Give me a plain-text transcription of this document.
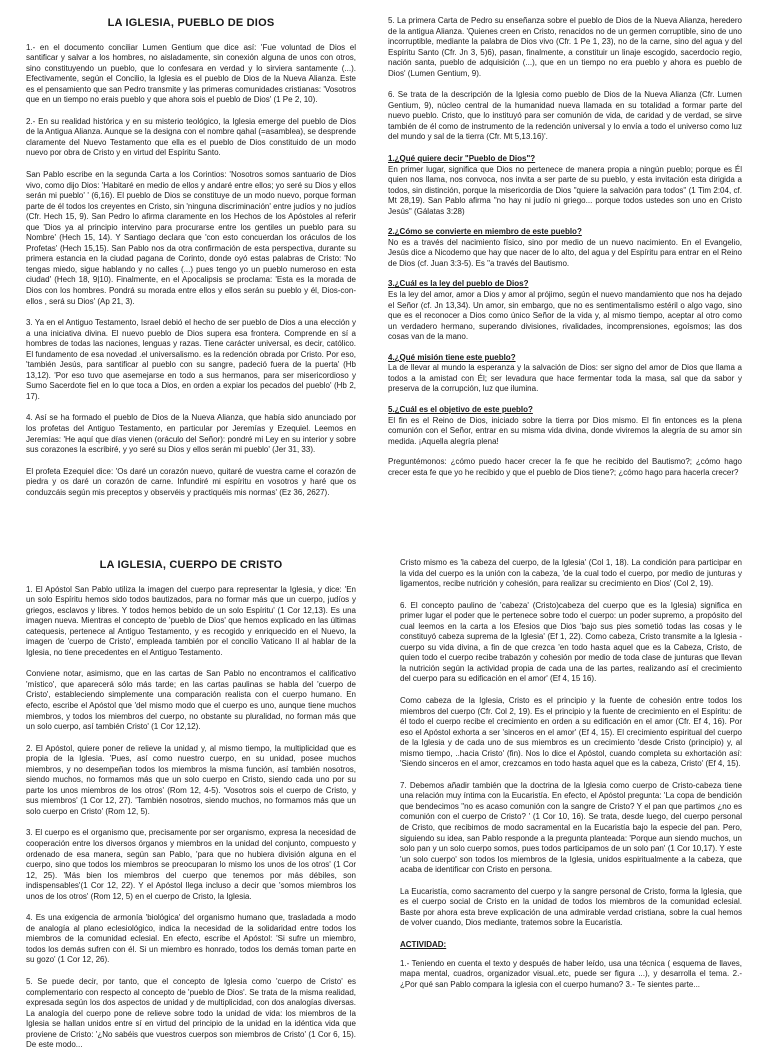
LA IGLESIA, PUEBLO DE DIOS

1.- en el documento conciliar Lumen Gentium que dice así: 'Fue voluntad de Dios el santificar y salvar a los hombres, no aisladamente, sin conexión alguna de unos con otros, sino constituyendo un pueblo, que lo confesara en verdad y lo sirviera santamente (...). Efectivamente, según el Concilio, la Iglesia es el pueblo de Dios de la Nueva Alianza. Este es el pensamiento que san Pedro transmite y las primeras comunidades cristianas: 'Vosotros que en un tiempo no erais pueblo y que ahora sois el pueblo de Dios' (1 Pe 2, 10).

2.- En su realidad histórica y en su misterio teológico, la Iglesia emerge del pueblo de Dios de la Antigua Alianza. Aunque se la designa con el nombre qahal (=asamblea), se desprende claramente del Nuevo Testamento que ella es el pueblo de Dios constituido de un modo nuevo por obra de Cristo y en virtud del Espíritu Santo.

San Pablo escribe en la segunda Carta a los Corintios: 'Nosotros somos santuario de Dios vivo, como dijo Dios: 'Habitaré en medio de ellos y andaré entre ellos; yo seré su Dios y ellos serán mi pueblo' ' (6,16). El pueblo de Dios se constituye de un modo nuevo, porque forman parte de él todos los creyentes en Cristo, sin 'ninguna discriminación' entre judíos y no judíos (Cfr. Hech 15, 9). San Pedro lo afirma claramente en los Hechos de los Apóstoles al referir que 'Dios ya al principio intervino para procurarse entre los gentiles un pueblo para su Nombre' (Hech 15, 14). Y Santiago declara que 'con esto concuerdan los oráculos de los Profetas' (Hech 15,15). San Pablo nos da otra confirmación de esta perspectiva, durante su primera estancia en la ciudad pagana de Corinto, donde oyó estas palabras de Cristo: 'No tengas miedo, sigue hablando y no calles (...) pues tengo yo un pueblo numeroso en esta ciudad' (Hech 18, 9|10). Finalmente, en el Apocalipsis se proclama: 'Esta es la morada de Dios con los hombres. Pondrá su morada entre ellos y ellos serán su pueblo y él, Dios-con-ellos , será su Dios' (Ap 21, 3).

3. Ya en el Antiguo Testamento, Israel debió el hecho de ser pueblo de Dios a una elección y a una iniciativa divina. El nuevo pueblo de Dios supera esa frontera. Comprende en sí a hombres de todas las naciones, lenguas y razas. Tiene carácter universal, es decir, católico. El fundamento de esa novedad .el universalismo. es la redención obrada por Cristo. Por eso, 'también Jesús, para santificar al pueblo con su sangre, padeció fuera de la puerta' (Hb 13,12). 'Por eso tuvo que asemejarse en todo a sus hermanos, para ser misericordioso y Sumo Sacerdote fiel en lo que toca a Dios, en orden a expiar los pecados del pueblo' (Hb 2, 17).

4. Así se ha formado el pueblo de Dios de la Nueva Alianza, que había sido anunciado por los profetas del Antiguo Testamento, en particular por Jeremías y Ezequiel. Leemos en Jeremías: 'He aquí que días vienen (oráculo del Señor): pondré mi Ley en su interior y sobre sus corazones la escribiré, y yo seré su Dios y ellos serán mi pueblo' (Jer 31, 33).

El profeta Ezequiel dice: 'Os daré un corazón nuevo, quitaré de vuestra carne el corazón de piedra y os daré un corazón de carne. Infundiré mi espíritu en vosotros y haré que os conduzcáis según mis preceptos y observéis y practiquéis mis normas' (Ez 36, 2627).

5. La primera Carta de Pedro su enseñanza sobre el pueblo de Dios de la Nueva Alianza, heredero de la antigua Alianza. 'Quienes creen en Cristo, renacidos no de un germen corruptible, sino de uno incorruptible, mediante la palabra de Dios vivo (Cfr. 1 Pe 1, 23), no de la carne, sino del agua y del Espíritu Santo (Cfr. Jn 3, 5)6), pasan, finalmente, a constituir un linaje escogido, sacerdocio regio, nación santa, pueblo de adquisición (...), que en un tiempo no era pueblo y ahora es pueblo de Dios' (Lumen Gentium, 9).

6. Se trata de la descripción de la Iglesia como pueblo de Dios de la Nueva Alianza (Cfr. Lumen Gentium, 9), núcleo central de la humanidad nueva llamada en su totalidad a formar parte del nuevo pueblo. Cristo, que lo instituyó para ser comunión de vida, de caridad y de verdad, se sirve también de él como de instrumento de la redención universal y lo envía a todo el universo como luz del mundo y sal de la tierra (Cfr. Mt 5,13.16)'.

1.¿Qué quiere decir "Pueblo de Dios"?

En primer lugar, significa que Dios no pertenece de manera propia a ningún pueblo; porque es Él quien nos llama, nos convoca, nos invita a ser parte de su pueblo, y esta invitación esta dirigida a todos, sin distinción, porque la misericordia de Dios "quiere la salvación para todos" (1 Tim 2:04, cf. Mt 28,19). San Pablo afirma "no hay ni judío ni griego... porque todos ustedes son uno en Cristo Jesús" (Gálatas 3:28)

2.¿Cómo se convierte en miembro de este pueblo?

No es a través del nacimiento físico, sino por medio de un nuevo nacimiento. En el Evangelio, Jesús dice a Nicodemo que hay que nacer de lo alto, del agua y del Espíritu para entrar en el Reino de Dios (cf. Juan 3:3-5). Es "a través del Bautismo.

3.¿Cuál es la ley del pueblo de Dios?

Es la ley del amor, amor a Dios y amor al prójimo, según el nuevo mandamiento que nos ha dejado el Señor (cf. Jn 13,34). Un amor, sin embargo, que no es sentimentalismo estéril o algo vago, sino que es el reconocer a Dios como único Señor de la vida y, al mismo tiempo, aceptar al otro como un verdadero hermano, superando divisiones, rivalidades, incomprensiones, egoísmos; las dos cosas van de la mano.

4.¿Qué misión tiene este pueblo?

La de llevar al mundo la esperanza y la salvación de Dios: ser signo del amor de Dios que llama a todos a la amistad con Él; ser levadura que hace fermentar toda la masa, sal que da sabor y preserva de la corrupción, luz que ilumina.

5.¿Cuál es el objetivo de este pueblo?

El fin es el Reino de Dios, iniciado sobre la tierra por Dios mismo. El fin entonces es la plena comunión con el Señor, entrar en su misma vida divina, donde viviremos la alegría de su amor sin medida. ¡Aquella alegría plena!

Preguntémonos: ¿cómo puedo hacer crecer la fe que he recibido del Bautismo?; ¿cómo hago crecer esta fe que yo he recibido y que el pueblo de Dios tiene?; ¿cómo hago para hacerla crecer?

LA IGLESIA, CUERPO DE CRISTO

1. El Apóstol San Pablo utiliza la imagen del cuerpo para representar la Iglesia, y dice: 'En un solo Espíritu hemos sido todos bautizados, para no formar más que un cuerpo, judíos y griegos, esclavos y libres. Y todos hemos bebido de un solo Espíritu' (1 Cor 12,13). Es una imagen nueva. Mientras el concepto de 'pueblo de Dios' que hemos explicado en las últimas catequesis, pertenece al Antiguo Testamento, y es recogido y enriquecido en el Nuevo, la imagen de 'cuerpo de Cristo', empleada también por el concilio Vaticano II al hablar de la Iglesia, no tiene precedentes en el Antiguo Testamento.

Conviene notar, asimismo, que en las cartas de San Pablo no encontramos el calificativo 'místico', que aparecerá sólo más tarde; en las cartas paulinas se habla del 'cuerpo de Cristo', estableciendo simplemente una comparación realista con el cuerpo humano. En efecto, escribe el Apóstol que 'del mismo modo que el cuerpo es uno, aunque tiene muchos miembros, y todos los miembros del cuerpo, no obstante su pluralidad, no forman más que un solo cuerpo, así también Cristo' (1 Cor 12,12).

2. El Apóstol, quiere poner de relieve la unidad y, al mismo tiempo, la multiplicidad que es propia de la Iglesia. 'Pues, así como nuestro cuerpo, en su unidad, posee muchos miembros, y no desempeñan todos los miembros la misma función, así también nosotros, siendo muchos, no formamos más que un solo cuerpo en Cristo, siendo cada uno por su parte los unos miembros de los otros' (Rom 12, 4-5). 'Vosotros sois el cuerpo de Cristo, y sus miembros' (1 Cor 12, 27). 'También nosotros, siendo muchos, no formamos más que un solo cuerpo en Cristo' (Rom 12, 5).

3. El cuerpo es el organismo que, precisamente por ser organismo, expresa la necesidad de cooperación entre los diversos órganos y miembros en la unidad del conjunto, compuesto y ordenado de esa manera, según san Pablo, 'para que no hubiera división alguna en el cuerpo, sino que todos los miembros se preocuparan lo mismo los unos de los otros' (1 Cor 12, 25). 'Más bien los miembros del cuerpo que tenemos por más débiles, son indispensables'(1 Cor 12, 22). Y el Apóstol llega incluso a decir que 'somos miembros los unos de los otros' (Rom 12, 5) en el cuerpo de Cristo, la Iglesia.

4. Es una exigencia de armonía 'biológica' del organismo humano que, trasladada a modo de analogía al plano eclesiológico, indica la necesidad de la solidaridad entre todos los miembros de la comunidad eclesial. En efecto, escribe el Apóstol: 'Si sufre un miembro, todos los demás sufren con él. Si un miembro es honrado, todos los demás toman parte en su gozo' (1 Cor 12, 26).

5. Se puede decir, por tanto, que el concepto de Iglesia como 'cuerpo de Cristo' es complementario con respecto al concepto de 'pueblo de Dios'. Se trata de la misma realidad, expresada según los dos aspectos de unidad y de multiplicidad, con dos analogías diversas. La analogía del cuerpo pone de relieve sobre todo la unidad de vida: los miembros de la Iglesia se hallan unidos entre sí en virtud del principio de la unidad en la idéntica vida que proviene de Cristo: '¿No sabéis que vuestros cuerpos son miembros de Cristo' (1 Cor 6, 15). De este modo...

Cristo mismo es 'la cabeza del cuerpo, de la Iglesia' (Col 1, 18). La condición para participar en la vida del cuerpo es la unión con la cabeza, 'de la cual todo el cuerpo, por medio de junturas y ligamentos, recibe nutrición y cohesión, para realizar su crecimiento en Dios' (Col 2, 19).

6. El concepto paulino de 'cabeza' (Cristo)cabeza del cuerpo que es la Iglesia) significa en primer lugar el poder que le pertenece sobre todo el cuerpo: un poder supremo, a propósito del cual leemos en la carta a los Efesios que Dios 'bajo sus pies sometió todas las cosas y le constituyó cabeza suprema de la Iglesia' (Ef 1, 22). Como cabeza, Cristo transmite a la Iglesia - cuerpo su vida divina, a fin de que crezca 'en todo hasta aquel que es la Cabeza, Cristo, de quien todo el cuerpo recibe trabazón y cohesión por medio de toda clase de junturas que llevan la nutrición según la actividad propia de cada una de las partes, realizando así el crecimiento del cuerpo para su edificación en el amor' (Ef 4, 15 16).

Como cabeza de la Iglesia, Cristo es el principio y la fuente de cohesión entre todos los miembros del cuerpo (Cfr. Col 2, 19). Es el principio y la fuente de crecimiento en el Espíritu: de él todo el cuerpo recibe el crecimiento en orden a su edificación en el amor (Cfr. Ef 4, 16). Por eso el Apóstol exhorta a ser 'sinceros en el amor' (Ef 4, 15). El crecimiento espiritual del cuerpo de la Iglesia y de cada uno de sus miembros es un crecimiento 'desde Cristo (principio) y, al mismo tiempo, ..hacia Cristo' (fin). Nos lo dice el Apóstol, cuando completa su exhortación así: 'Siendo sinceros en el amor, crezcamos en todo hasta aquel que es la cabeza, Cristo' (Ef 4, 15).

7. Debemos añadir también que la doctrina de la Iglesia como cuerpo de Cristo-cabeza tiene una relación muy íntima con la Eucaristía. En efecto, el Apóstol pregunta: 'La copa de bendición que bendecimos "no es acaso comunión con la sangre de Cristo? Y el pan que partimos ¿no es comunión con el cuerpo de Cristo? ' (1 Cor 10, 16). Se trata, desde luego, del cuerpo personal de Cristo, que recibimos de modo sacramental en la Eucaristía bajo la especie del pan. Pero, siguiendo su idea, san Pablo responde a la pregunta planteada: 'Porque aun siendo muchos, un solo pan y un solo cuerpo somos, pues todos participamos de un solo pan' (1 Cor 10,17). Y este 'un solo cuerpo' son todos los miembros de la Iglesia, unidos espiritualmente a la cabeza, que acaba de identificar con Cristo en persona.

La Eucaristía, como sacramento del cuerpo y la sangre personal de Cristo, forma la Iglesia, que es el cuerpo social de Cristo en la unidad de todos los miembros de la comunidad eclesial. Baste por ahora esta breve explicación de una admirable verdad cristiana, sobre la cual hemos de volver cuando, Dios mediante, tratemos sobre la Eucaristía.

ACTIVIDAD:

1.- Teniendo en cuenta el texto y después de haber leído, usa una técnica ( esquema de llaves, mapa mental, cuadros, organizador visual..etc, puede ser figura ...), y desarrolla el tema. 2.- ¿Por qué san Pablo compara la iglesia con el cuerpo humano? 3.- Te sientes parte...
